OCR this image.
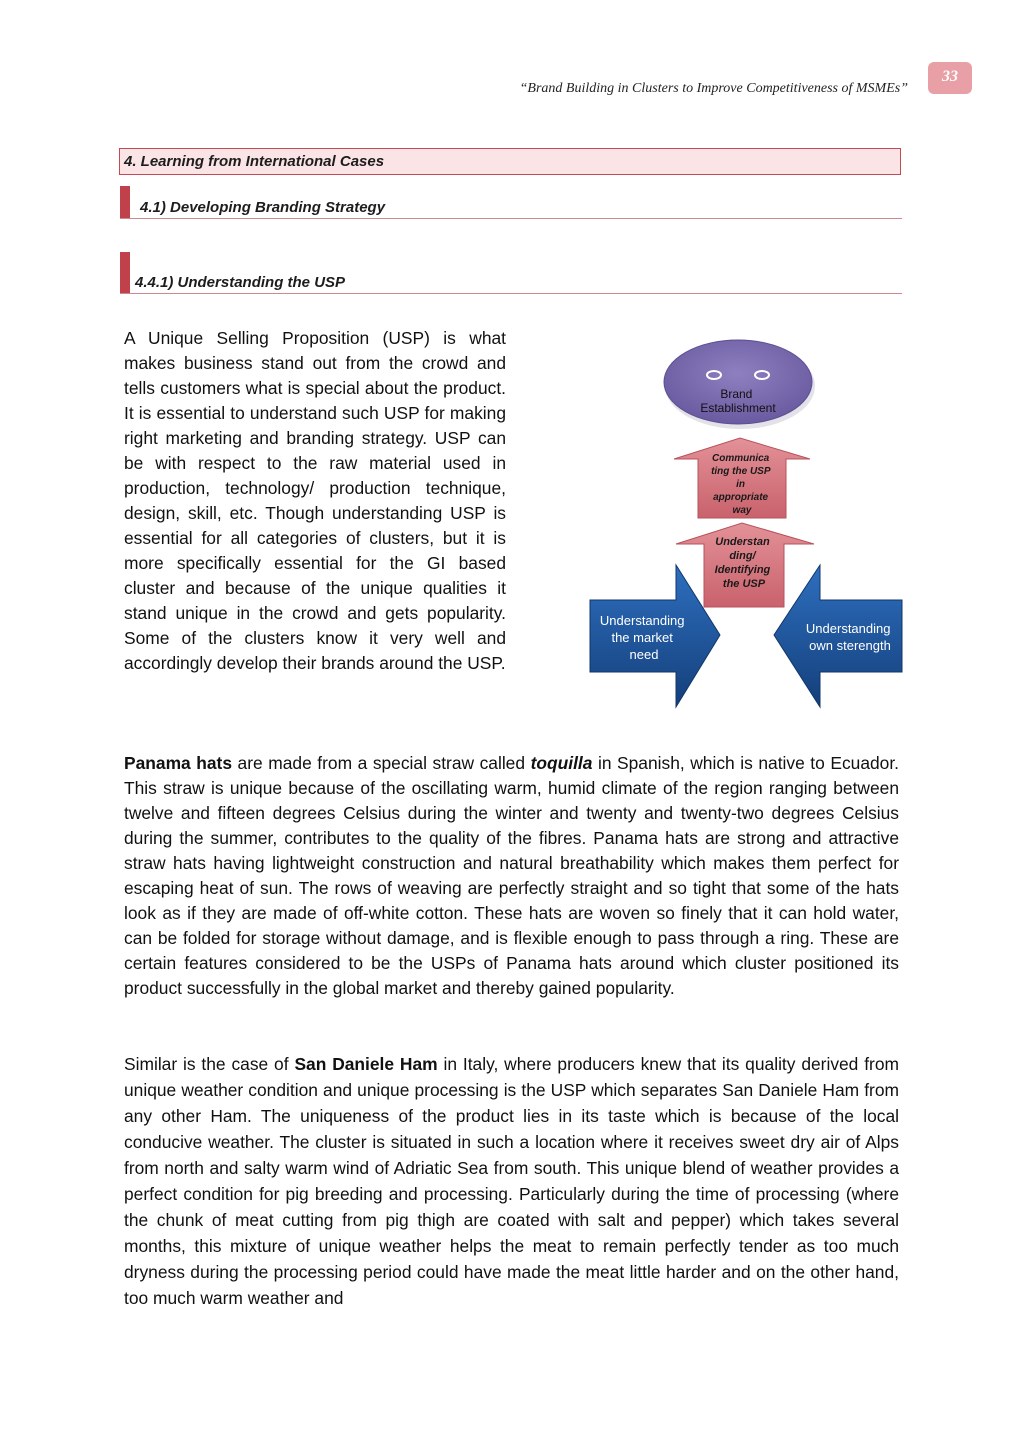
“Brand Building in Clusters to Improve Competitiveness of MSMEs”
33
4. Learning from International Cases
4.1) Developing Branding Strategy
4.4.1) Understanding the USP

A Unique Selling Proposition (USP) is what makes business stand out from the crowd and tells customers what is special about the product. It is essential to understand such USP for making right marketing and branding strategy. USP can be with respect to the raw material used in production, technology/ production technique, design, skill, etc. Though understanding USP is essential for all categories of clusters, but it is more specifically essential for the GI based cluster and because of the unique qualities it stand unique in the crowd and gets popularity. Some of the clusters know it very well and accordingly develop their brands around the USP.

Brand Establishment
Communica ting the USP in appropriate way
Understan ding/ Identifying the USP
Understanding the market need
Understanding own sterength

Panama hats are made from a special straw called toquilla in Spanish, which is native to Ecuador. This straw is unique because of the oscillating warm, humid climate of the region ranging between twelve and fifteen degrees Celsius during the winter and twenty and twenty-two degrees Celsius during the summer, contributes to the quality of the fibres. Panama hats are strong and attractive straw hats having lightweight construction and natural breathability which makes them perfect for escaping heat of sun. The rows of weaving are perfectly straight and so tight that some of the hats look as if they are made of off-white cotton. These hats are woven so finely that it can hold water, can be folded for storage without damage, and is flexible enough to pass through a ring. These are certain features considered to be the USPs of Panama hats around which cluster positioned its product successfully in the global market and thereby gained popularity.

Similar is the case of San Daniele Ham in Italy, where producers knew that its quality derived from unique weather condition and unique processing is the USP which separates San Daniele Ham from any other Ham. The uniqueness of the product lies in its taste which is because of the local conducive weather. The cluster is situated in such a location where it receives sweet dry air of Alps from north and salty warm wind of Adriatic Sea from south. This unique blend of weather provides a perfect condition for pig breeding and processing. Particularly during the time of processing (where the chunk of meat cutting from pig thigh are coated with salt and pepper) which takes several months, this mixture of unique weather helps the meat to remain perfectly tender as too much dryness during the processing period could have made the meat little harder and on the other hand, too much warm weather and
